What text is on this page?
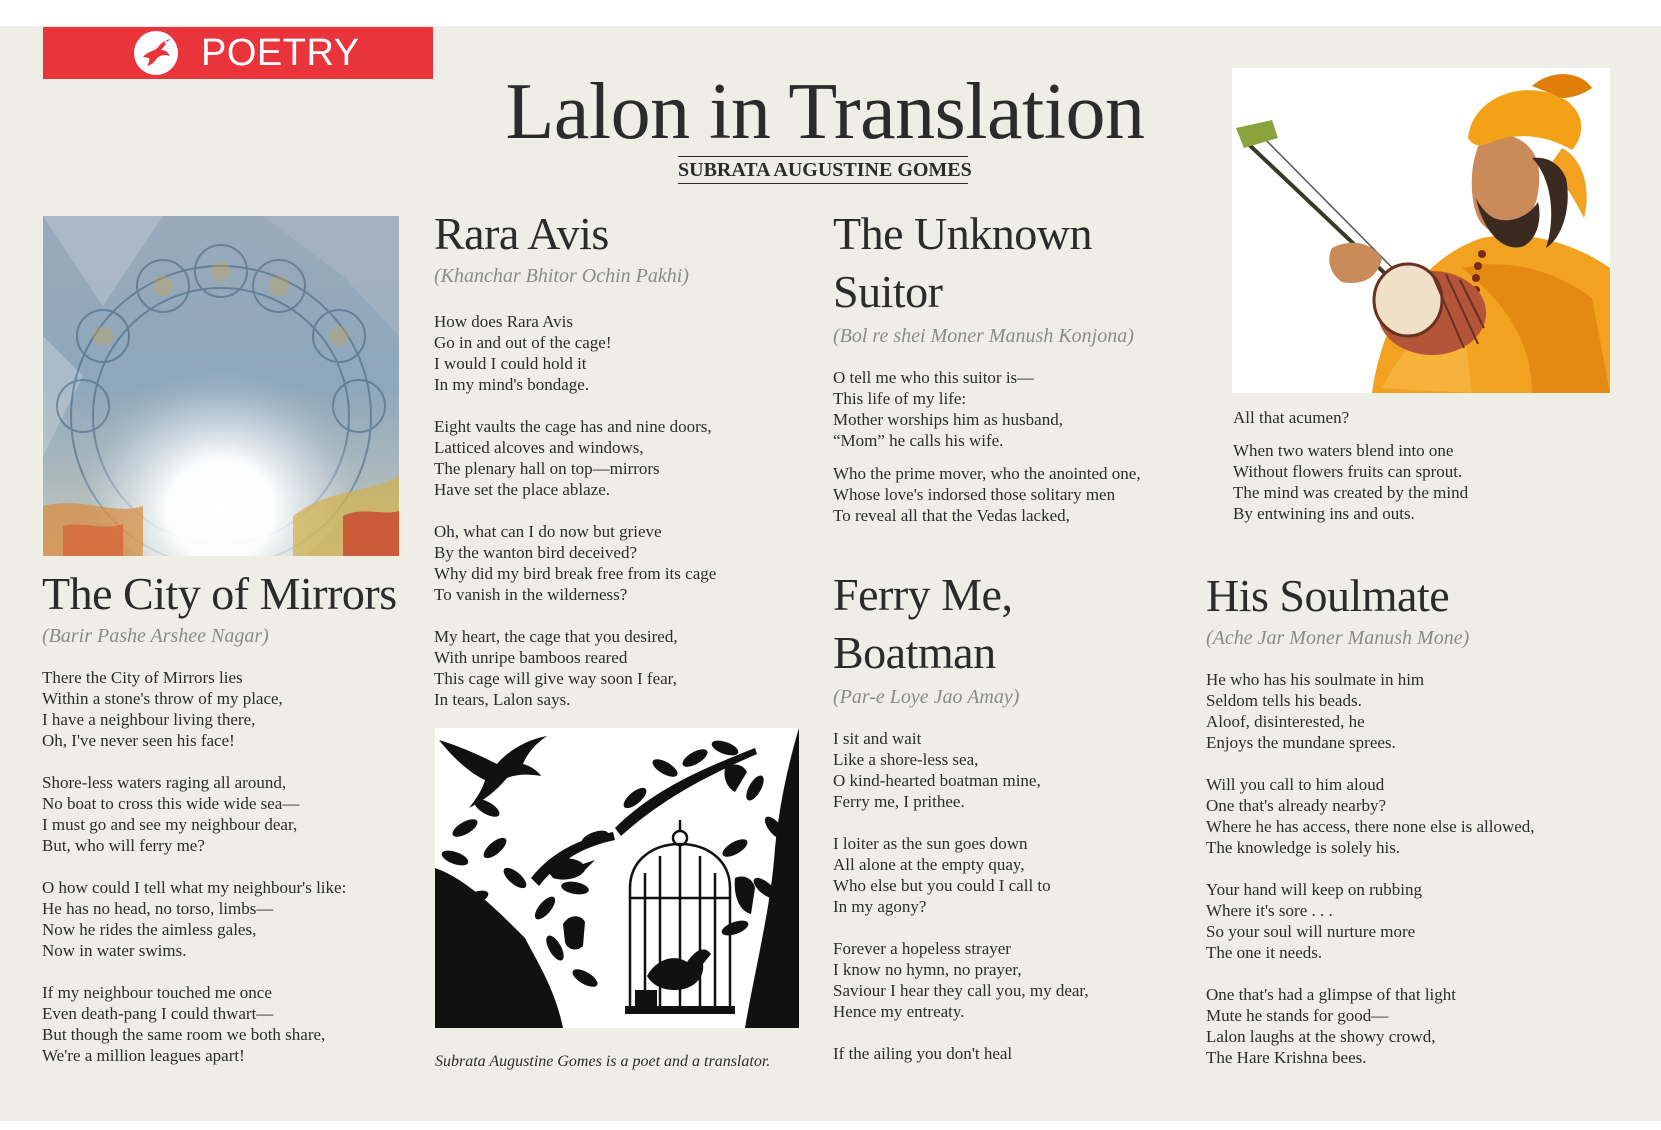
POETRY
Lalon in Translation
SUBRATA AUGUSTINE GOMES
The City of Mirrors
(Barir Pashe Arshee Nagar)
There the City of Mirrors lies
Within a stone's throw of my place,
I have a neighbour living there,
Oh, I've never seen his face!
Shore-less waters raging all around,
No boat to cross this wide wide sea—
I must go and see my neighbour dear,
But, who will ferry me?
O how could I tell what my neighbour's like:
He has no head, no torso, limbs—
Now he rides the aimless gales,
Now in water swims.
If my neighbour touched me once
Even death-pang I could thwart—
But though the same room we both share,
We're a million leagues apart!
Rara Avis
(Khanchar Bhitor Ochin Pakhi)
How does Rara Avis
Go in and out of the cage!
I would I could hold it
In my mind's bondage.
Eight vaults the cage has and nine doors,
Latticed alcoves and windows,
The plenary hall on top—mirrors
Have set the place ablaze.
Oh, what can I do now but grieve
By the wanton bird deceived?
Why did my bird break free from its cage
To vanish in the wilderness?
My heart, the cage that you desired,
With unripe bamboos reared
This cage will give way soon I fear,
In tears, Lalon says.
Subrata Augustine Gomes is a poet and a translator.
The Unknown
Suitor
(Bol re shei Moner Manush Konjona)
O tell me who this suitor is—
This life of my life:
Mother worships him as husband,
“Mom” he calls his wife.
Who the prime mover, who the anointed one,
Whose love's indorsed those solitary men
To reveal all that the Vedas lacked,
All that acumen?
When two waters blend into one
Without flowers fruits can sprout.
The mind was created by the mind
By entwining ins and outs.
Ferry Me,
Boatman
(Par-e Loye Jao Amay)
I sit and wait
Like a shore-less sea,
O kind-hearted boatman mine,
Ferry me, I prithee.
I loiter as the sun goes down
All alone at the empty quay,
Who else but you could I call to
In my agony?
Forever a hopeless strayer
I know no hymn, no prayer,
Saviour I hear they call you, my dear,
Hence my entreaty.
If the ailing you don't heal
His Soulmate
(Ache Jar Moner Manush Mone)
He who has his soulmate in him
Seldom tells his beads.
Aloof, disinterested, he
Enjoys the mundane sprees.
Will you call to him aloud
One that's already nearby?
Where he has access, there none else is allowed,
The knowledge is solely his.
Your hand will keep on rubbing
Where it's sore . . .
So your soul will nurture more
The one it needs.
One that's had a glimpse of that light
Mute he stands for good—
Lalon laughs at the showy crowd,
The Hare Krishna bees.
